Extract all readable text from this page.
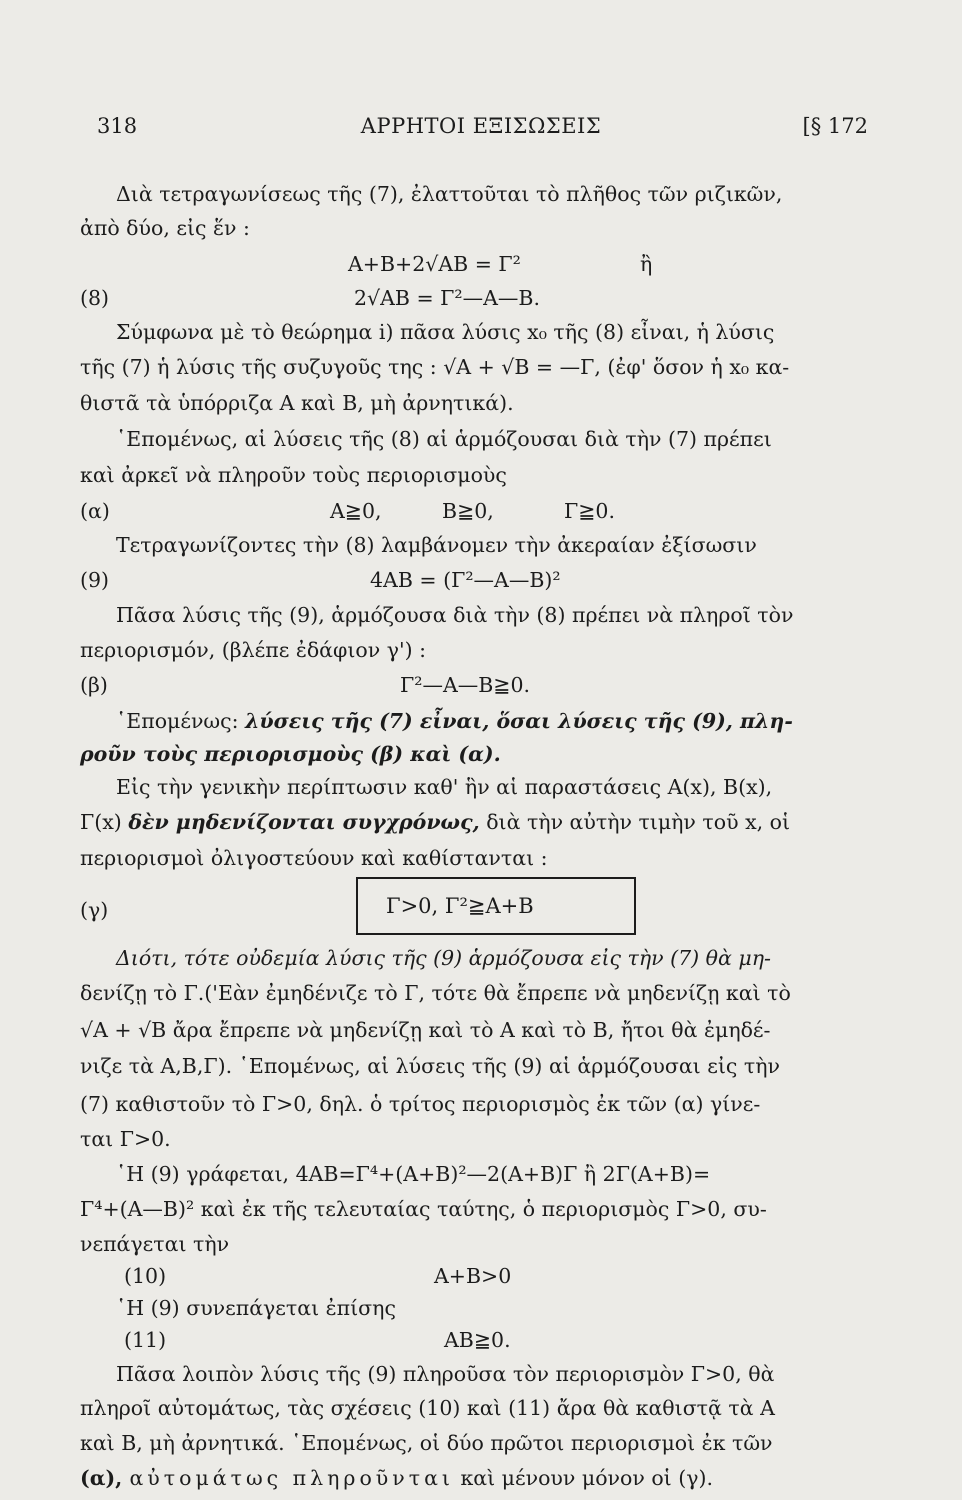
318	ΑΡΡΗΤΟΙ ΕΞΙΣΩΣΕΙΣ	[§ 172
Διὰ τετραγωνίσεως τῆς (7), ἐλαττοῦται τὸ πλῆθος τῶν ριζικῶν,
ἀπὸ δύο, εἰς ἕν :
A+B+2√AB = Γ²	ἢ
(8)	2√AB = Γ²—A—B.
Σύμφωνα μὲ τὸ θεώρημα i) πᾶσα λύσις x₀ τῆς (8) εἶναι, ἡ λύσις
τῆς (7) ἡ λύσις τῆς συζυγοῦς της : √A + √B = —Γ, (ἐφ' ὅσον ἡ x₀ κα-
θιστᾶ τὰ ὑπόρριζα A καὶ B, μὴ ἀρνητικά).
῾Επομένως, αἱ λύσεις τῆς (8) αἱ ἁρμόζουσαι διὰ τὴν (7) πρέπει
καὶ ἀρκεῖ νὰ πληροῦν τοὺς περιορισμοὺς
(α)	A≧0,	B≧0,	Γ≧0.
Τετραγωνίζοντες τὴν (8) λαμβάνομεν τὴν ἀκεραίαν ἐξίσωσιν
(9)	4AB = (Γ²—A—B)²
Πᾶσα λύσις τῆς (9), ἁρμόζουσα διὰ τὴν (8) πρέπει νὰ πληροῖ τὸν
περιορισμόν, (βλέπε ἐδάφιον γ') :
(β)	Γ²—A—B≧0.
῾Επομένως: λύσεις τῆς (7) εἶναι, ὅσαι λύσεις τῆς (9), πλη-
ροῦν τοὺς περιορισμοὺς (β) καὶ (α).
Εἰς τὴν γενικὴν περίπτωσιν καθ' ἣν αἱ παραστάσεις A(x), B(x),
Γ(x) δὲν μηδενίζονται συγχρόνως, διὰ τὴν αὐτὴν τιμὴν τοῦ x, οἱ
περιορισμοὶ ὀλιγοστεύουν καὶ καθίστανται :
(γ)	Γ>0, Γ²≧A+B
Διότι, τότε οὐδεμία λύσις τῆς (9) ἁρμόζουσα εἰς τὴν (7) θὰ μη-
δενίζῃ τὸ Γ.('Εὰν ἐμηδένιζε τὸ Γ, τότε θὰ ἔπρεπε νὰ μηδενίζῃ καὶ τὸ
√A + √B ἄρα ἔπρεπε νὰ μηδενίζῃ καὶ τὸ A καὶ τὸ B, ἤτοι θὰ ἐμηδέ-
νιζε τὰ A,B,Γ). ῾Επομένως, αἱ λύσεις τῆς (9) αἱ ἁρμόζουσαι εἰς τὴν
(7) καθιστοῦν τὸ Γ>0, δηλ. ὁ τρίτος περιορισμὸς ἐκ τῶν (α) γίνε-
ται Γ>0.
῾Η (9) γράφεται, 4AB=Γ⁴+(A+B)²—2(A+B)Γ ἢ 2Γ(A+B)=
Γ⁴+(A—B)² καὶ ἐκ τῆς τελευταίας ταύτης, ὁ περιορισμὸς Γ>0, συ-
νεπάγεται τὴν
(10)	A+B>0
῾Η (9) συνεπάγεται ἐπίσης
(11)	AB≧0.
Πᾶσα λοιπὸν λύσις τῆς (9) πληροῦσα τὸν περιορισμὸν Γ>0, θὰ
πληροῖ αὐτομάτως, τὰς σχέσεις (10) καὶ (11) ἄρα θὰ καθιστᾷ τὰ A
καὶ B, μὴ ἀρνητικά. ῾Επομένως, οἱ δύο πρῶτοι περιορισμοὶ ἐκ τῶν
(α), αὐτομάτως πληροῦνται καὶ μένουν μόνον οἱ (γ).
